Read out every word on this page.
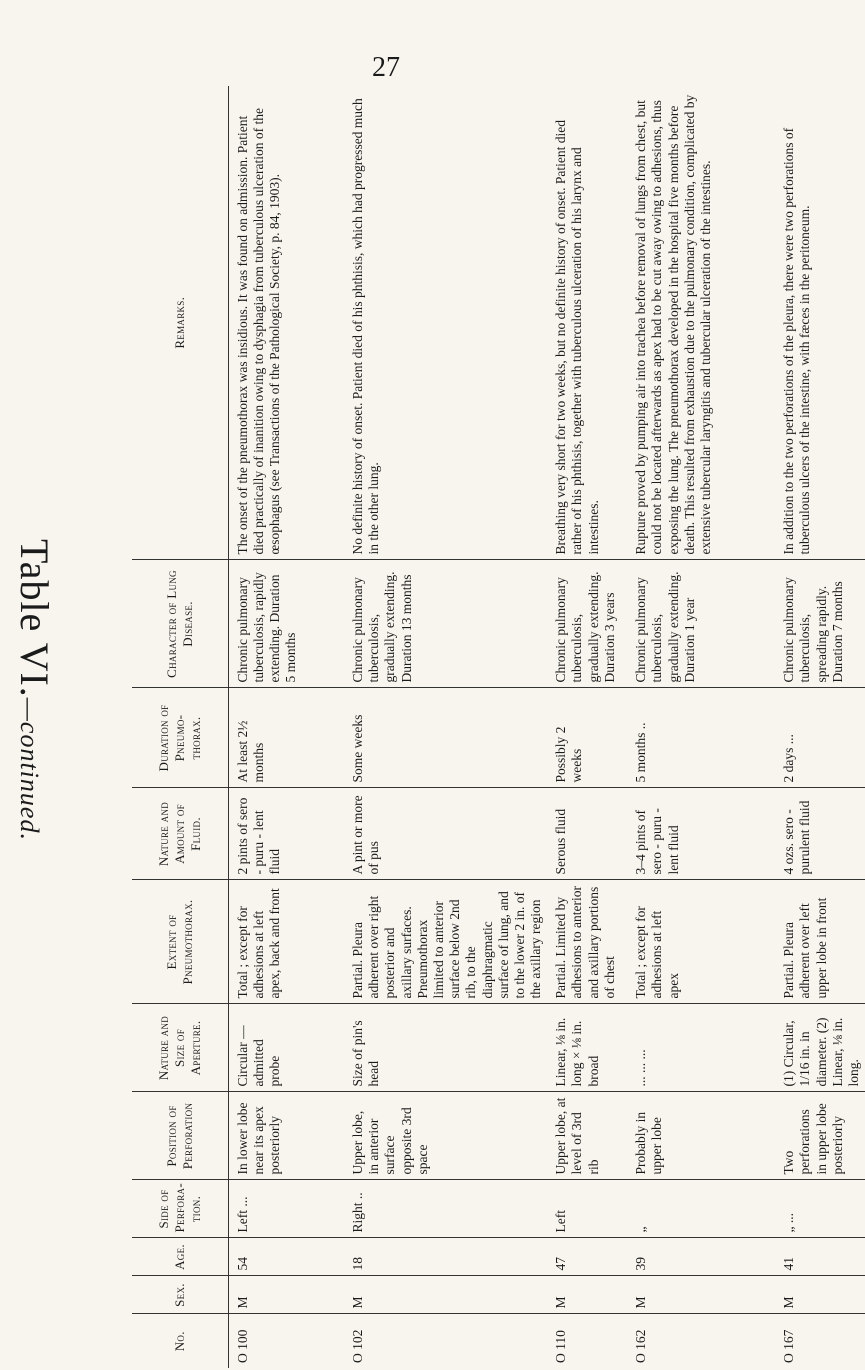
27
Table VI.—continued.
No.	Sex.	Age.	Side of Perfora-tion.	Position of Perforation	Nature and Size of Aperture.	Extent of Pneumothorax.	Nature and Amount of Fluid.	Duration of Pneumo-thorax.	Character of Lung Disease.	Remarks.
O 100	M	54	Left ...	In lower lobe near its apex posteriorly	Circular — admitted probe	Total ; except for adhesions at left apex, back and front	2 pints of sero - puru - lent fluid	At least 2½ months	Chronic pulmonary tuberculosis, rapidly extending. Duration 5 months	The onset of the pneumothorax was insidious. It was found on admission. Patient died practically of inanition owing to dysphagia from tuberculous ulceration of the œsophagus (see Transactions of the Pathological Society, p. 84, 1903).

O 102	M	18	Right ..	Upper lobe, in anterior surface opposite 3rd space	Size of pin's head	Partial. Pleura adherent over right posterior and axillary surfaces. Pneumothorax limited to anterior surface below 2nd rib, to the diaphragmatic surface of lung, and to the lower 2 in. of the axillary region	A pint or more of pus	Some weeks	Chronic pulmonary tuberculosis, gradually extending. Duration 13 months	No definite history of onset. Patient died of his phthisis, which had progressed much in the other lung.

O 110	M	47	Left	Upper lobe, at level of 3rd rib	Linear, ⅛ in. long × ⅛ in. broad	Partial. Limited by adhesions to anterior and axillary portions of chest	Serous fluid	Possibly 2 weeks	Chronic pulmonary tuberculosis, gradually extending. Duration 3 years	Breathing very short for two weeks, but no definite history of onset. Patient died rather of his phthisis, together with tuberculous ulceration of his larynx and intestines.

O 162	M	39	„	Probably in upper lobe	... ... ...	Total ; except for adhesions at left apex	3–4 pints of sero - puru - lent fluid	5 months ..	Chronic pulmonary tuberculosis, gradually extending. Duration 1 year	Rupture proved by pumping air into trachea before removal of lungs from chest, but could not be located afterwards as apex had to be cut away owing to adhesions, thus exposing the lung. The pneumothorax developed in the hospital five months before death. This resulted from exhaustion due to the pulmonary condition, complicated by extensive tubercular laryngitis and tubercular ulceration of the intestines.

O 167	M	41	„ ...	Two perforations in upper lobe posteriorly	(1) Circular, 1/16 in. in diameter. (2) Linear, ⅛ in. long.	Partial. Pleura adherent over left upper lobe in front	4 ozs. sero - purulent fluid	2 days ...	Chronic pulmonary tuberculosis, spreading rapidly. Duration 7 months	In addition to the two perforations of the pleura, there were two perforations of tuberculous ulcers of the intestine, with fæces in the peritoneum.
